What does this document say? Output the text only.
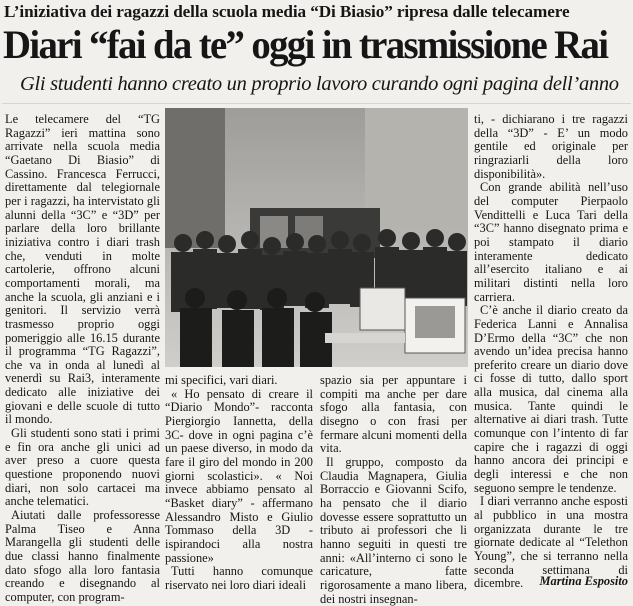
L’iniziativa dei ragazzi della scuola media “Di Biasio” ripresa dalle telecamere
Diari “fai da te” oggi in trasmissione Rai
Gli studenti hanno creato un proprio lavoro curando ogni pagina dell’anno

Le telecamere del “TG Ragazzi” ieri mattina sono arrivate nella scuola media “Gaetano Di Biasio” di Cassino. Francesca Ferrucci, direttamente dal telegiornale per i ragazzi, ha intervistato gli alunni della “3C” e “3D” per parlare della loro brillante iniziativa contro i diari trash che, venduti in molte cartolerie, offrono alcuni comportamenti morali, ma anche la scuola, gli anziani e i genitori. Il servizio verrà trasmesso proprio oggi pomeriggio alle 16.15 durante il programma “TG Ragazzi”, che va in onda al lunedì al venerdì su Rai3, interamente dedicato alle iniziative dei giovani e delle scuole di tutto il mondo.

Gli studenti sono stati i primi e fin ora anche gli unici ad aver preso a cuore questa questione proponendo nuovi diari, non solo cartacei ma anche telematici.

Aiutati dalle professoresse Palma Tiseo e Anna Marangella gli studenti delle due classi hanno finalmente dato sfogo alla loro fantasia creando e disegnando al computer, con program-

mi specifici, vari diari.

« Ho pensato di creare il “Diario Mondo”- racconta Piergiorgio Iannetta, della 3C- dove in ogni pagina c’è un paese diverso, in modo da fare il giro del mondo in 200 giorni scolastici». « Noi invece abbiamo pensato al “Basket diary” - affermano Alessandro Misto e Giulio Tommaso della 3D - ispirandoci alla nostra passione»

Tutti hanno comunque riservato nei loro diari ideali

spazio sia per appuntare i compiti ma anche per dare sfogo alla fantasia, con disegno o con frasi per fermare alcuni momenti della vita.

Il gruppo, composto da Claudia Magnapera, Giulia Borraccio e Giovanni Scifo, ha pensato che il diario dovesse essere soprattutto un tributo ai professori che li hanno seguiti in questi tre anni: «All’interno ci sono le caricature, fatte rigorosamente a mano libera, dei nostri insegnan-

ti, - dichiarano i tre ragazzi della “3D” - E’ un modo gentile ed originale per ringraziarli della loro disponibilità».

Con grande abilità nell’uso del computer Pierpaolo Vendittelli e Luca Tari della “3C” hanno disegnato prima e poi stampato il diario interamente dedicato all’esercito italiano e ai militari distinti nella loro carriera.

C’è anche il diario creato da Federica Lanni e Annalisa D’Ermo della “3C” che non avendo un’idea precisa hanno preferito creare un diario dove ci fosse di tutto, dallo sport alla musica, dal cinema alla musica. Tante quindi le alternative ai diari trash. Tutte comunque con l’intento di far capire che i ragazzi di oggi hanno ancora dei principi e degli interessi e che non seguono sempre le tendenze.

I diari verranno anche esposti al pubblico in una mostra organizzata durante le tre giornate dedicate al “Telethon Young”, che si terranno nella seconda settimana di dicembre.	Martina Esposito
